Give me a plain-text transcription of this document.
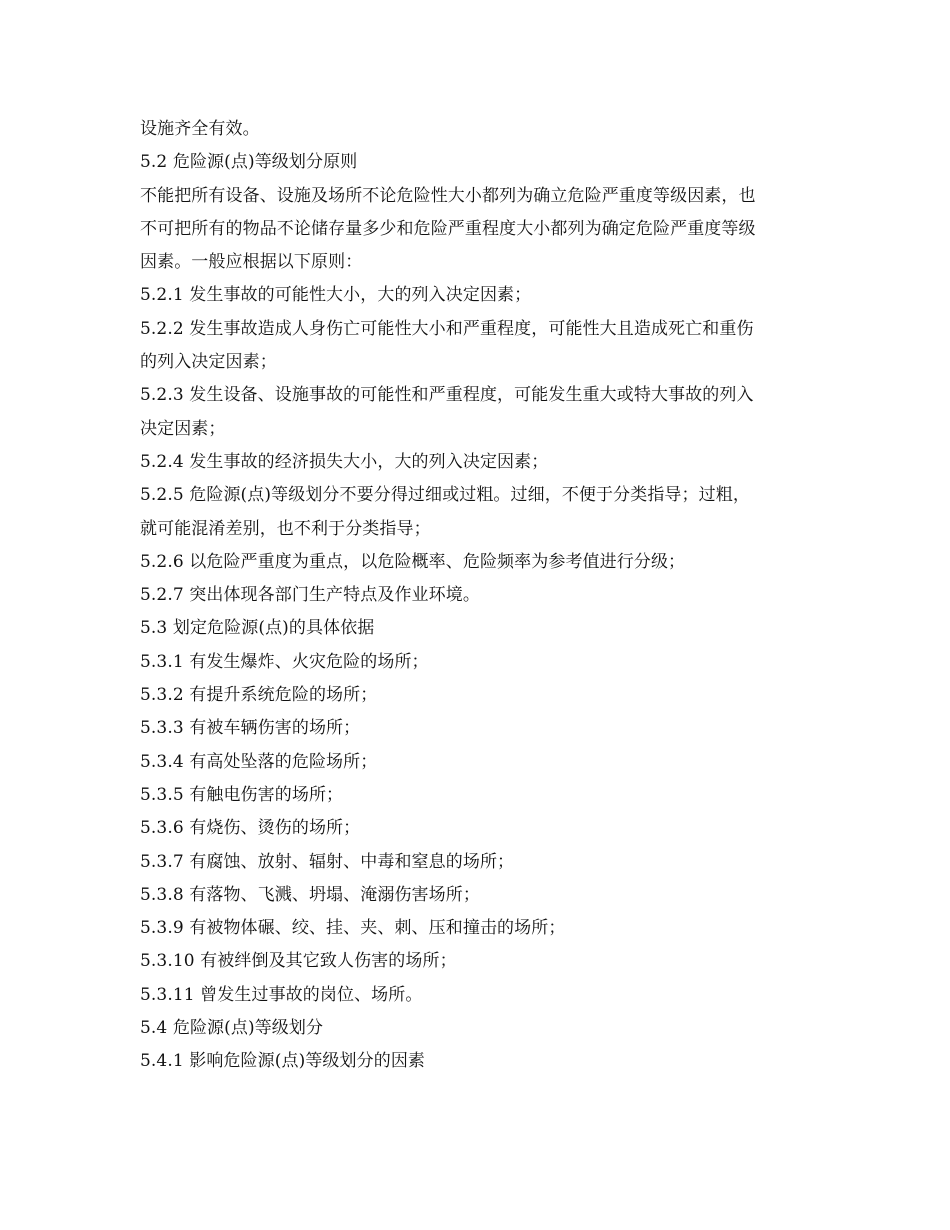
设施齐全有效。
5.2 危险源(点)等级划分原则
不能把所有设备、设施及场所不论危险性大小都列为确立危险严重度等级因素，也
不可把所有的物品不论储存量多少和危险严重程度大小都列为确定危险严重度等级
因素。一般应根据以下原则：
5.2.1 发生事故的可能性大小，大的列入决定因素；
5.2.2 发生事故造成人身伤亡可能性大小和严重程度，可能性大且造成死亡和重伤
的列入决定因素；
5.2.3 发生设备、设施事故的可能性和严重程度，可能发生重大或特大事故的列入
决定因素；
5.2.4 发生事故的经济损失大小，大的列入决定因素；
5.2.5 危险源(点)等级划分不要分得过细或过粗。过细，不便于分类指导；过粗，
就可能混淆差别，也不利于分类指导；
5.2.6 以危险严重度为重点，以危险概率、危险频率为参考值进行分级；
5.2.7 突出体现各部门生产特点及作业环境。
5.3 划定危险源(点)的具体依据
5.3.1 有发生爆炸、火灾危险的场所；
5.3.2 有提升系统危险的场所；
5.3.3 有被车辆伤害的场所；
5.3.4 有高处坠落的危险场所；
5.3.5 有触电伤害的场所；
5.3.6 有烧伤、烫伤的场所；
5.3.7 有腐蚀、放射、辐射、中毒和窒息的场所；
5.3.8 有落物、飞溅、坍塌、淹溺伤害场所；
5.3.9 有被物体碾、绞、挂、夹、刺、压和撞击的场所；
5.3.10 有被绊倒及其它致人伤害的场所；
5.3.11 曾发生过事故的岗位、场所。
5.4 危险源(点)等级划分
5.4.1 影响危险源(点)等级划分的因素
